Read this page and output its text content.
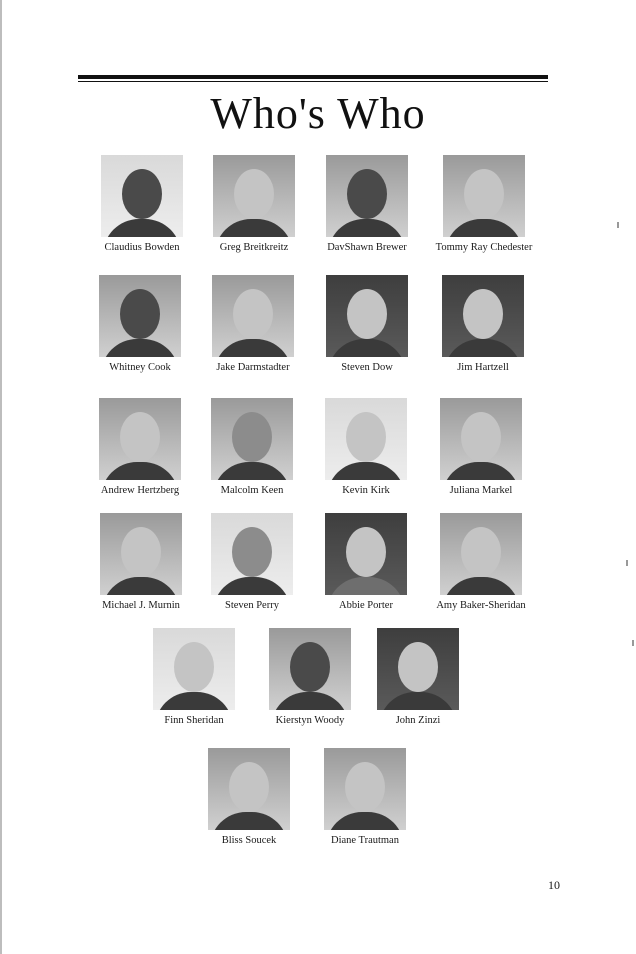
Who's Who
Claudius Bowden	Greg Breitkreitz	DavShawn Brewer	Tommy Ray Chedester
Whitney Cook	Jake Darmstadter	Steven Dow	Jim Hartzell
Andrew Hertzberg	Malcolm Keen	Kevin Kirk	Juliana Markel
Michael J. Murnin	Steven Perry	Abbie Porter	Amy Baker-Sheridan
Finn Sheridan	Kierstyn Woody	John Zinzi
Bliss Soucek	Diane Trautman
10
